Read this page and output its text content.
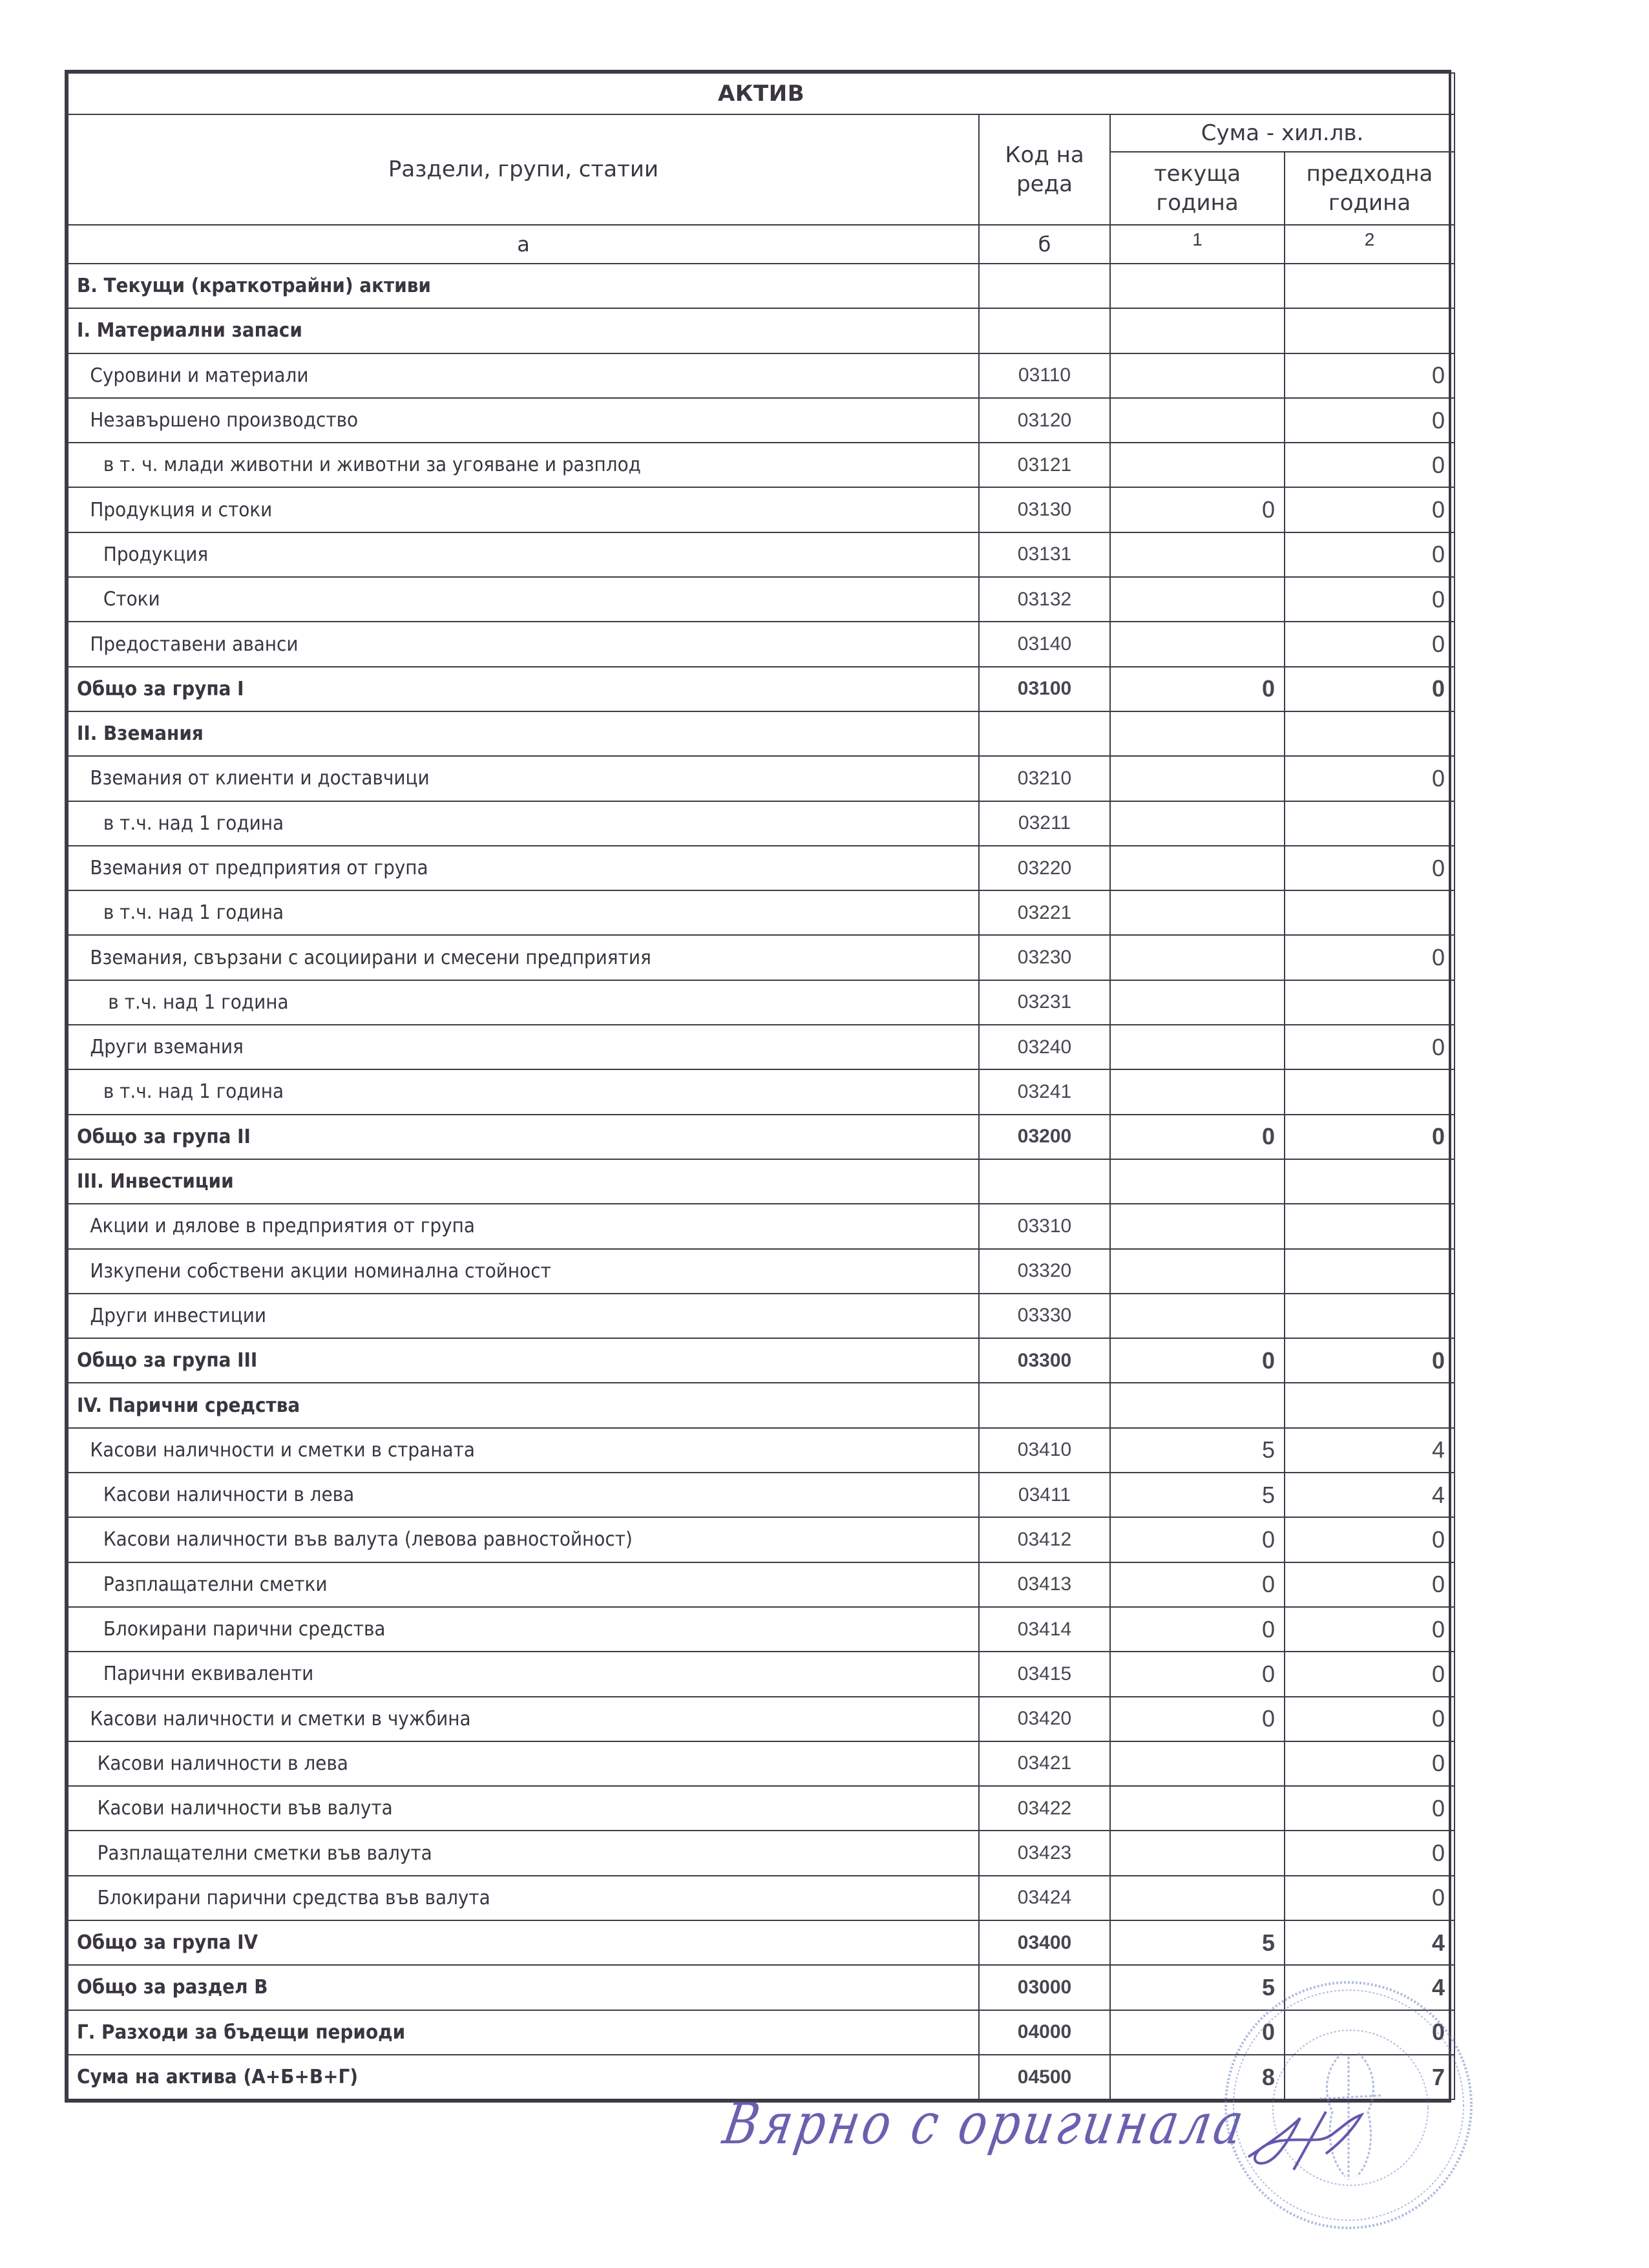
АКТИВ			
Раздели, групи, статии	Код на реда	Сума - хил.лв.	
		текуща година	предходна година
а	б	1	2
В. Текущи (краткотрайни) активи			
I. Материални запаси			
Суровини и материали	03110		0
Незавършено производство	03120		0
в т. ч. млади животни и животни за угояване и разплод	03121		0
Продукция и стоки	03130	0	0
Продукция	03131		0
Стоки	03132		0
Предоставени аванси	03140		0
Общо за група I	03100	0	0
II. Вземания			
Вземания от клиенти и доставчици	03210		0
в т.ч. над 1 година	03211		
Вземания от предприятия от група	03220		0
в т.ч. над 1 година	03221		
Вземания, свързани с асоциирани и смесени предприятия	03230		0
в т.ч. над 1 година	03231		
Други вземания	03240		0
в т.ч. над 1 година	03241		
Общо за група II	03200	0	0
III. Инвестиции			
Акции и дялове в предприятия от група	03310		
Изкупени собствени акции номинална стойност	03320		
Други инвестиции	03330		
Общо за група III	03300	0	0
IV. Парични средства			
Касови наличности и сметки в страната	03410	5	4
Касови наличности в лева	03411	5	4
Касови наличности във валута (левова равностойност)	03412	0	0
Разплащателни сметки	03413	0	0
Блокирани парични средства	03414	0	0
Парични еквиваленти	03415	0	0
Касови наличности и сметки в чужбина	03420	0	0
Касови наличности в лева	03421		0
Касови наличности във валута	03422		0
Разплащателни сметки във валута	03423		0
Блокирани парични средства във валута	03424		0
Общо за група IV	03400	5	4
Общо за раздел В	03000	5	4
Г. Разходи за бъдещи периоди	04000	0	0
Сума на актива (А+Б+В+Г)	04500	8	7
Вярно с оригинала
